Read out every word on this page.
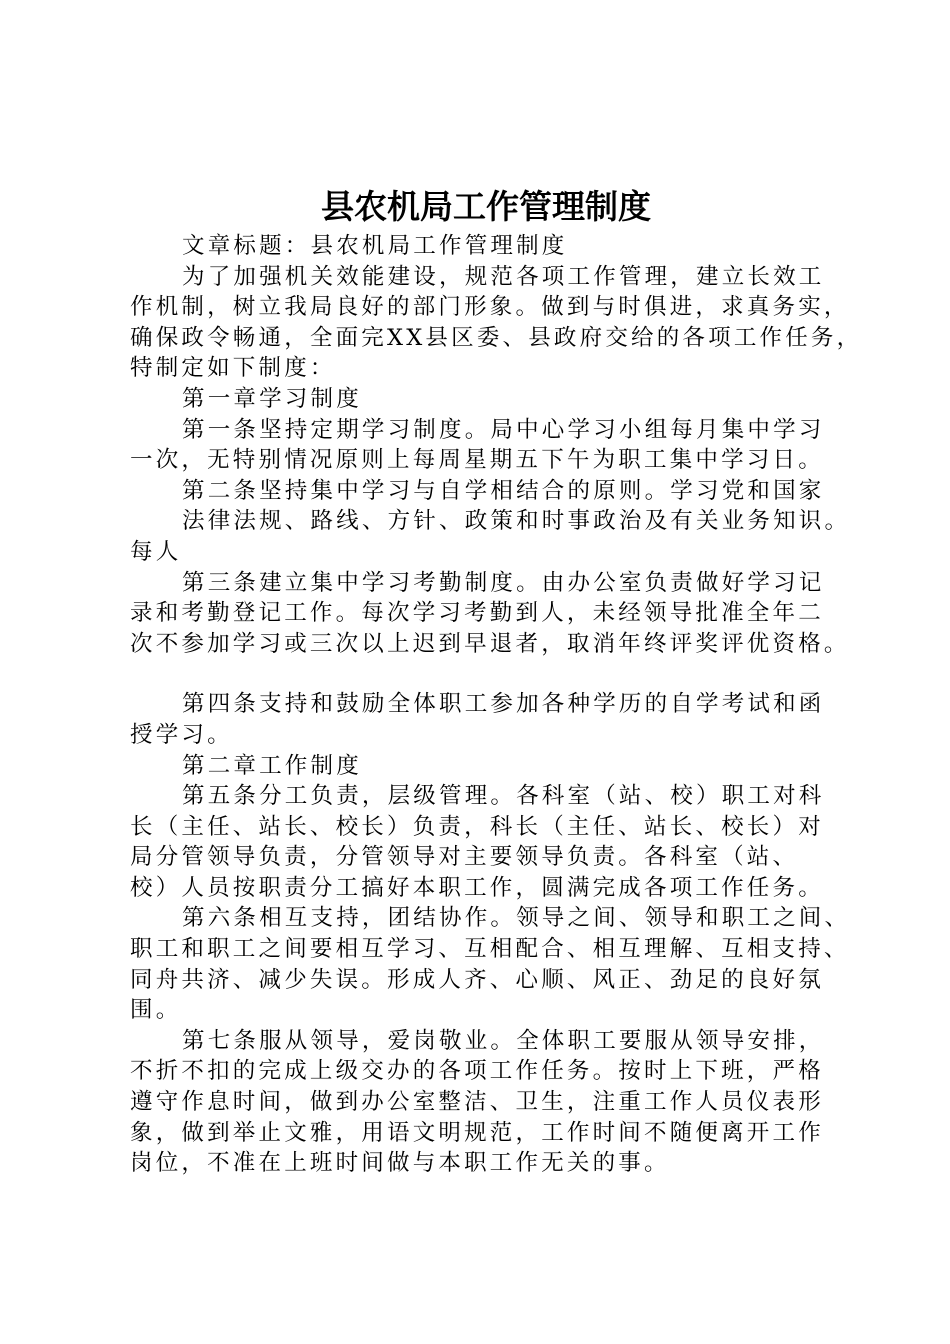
县农机局工作管理制度

文章标题：县农机局工作管理制度

为了加强机关效能建设，规范各项工作管理，建立长效工

作机制，树立我局良好的部门形象。做到与时俱进，求真务实，

确保政令畅通，全面完XX县区委、县政府交给的各项工作任务，

特制定如下制度：

第一章学习制度

第一条坚持定期学习制度。局中心学习小组每月集中学习

一次，无特别情况原则上每周星期五下午为职工集中学习日。

第二条坚持集中学习与自学相结合的原则。学习党和国家

法律法规、路线、方针、政策和时事政治及有关业务知识。

每人

第三条建立集中学习考勤制度。由办公室负责做好学习记

录和考勤登记工作。每次学习考勤到人，未经领导批准全年二

次不参加学习或三次以上迟到早退者，取消年终评奖评优资格。

第四条支持和鼓励全体职工参加各种学历的自学考试和函

授学习。

第二章工作制度

第五条分工负责，层级管理。各科室（站、校）职工对科

长（主任、站长、校长）负责，科长（主任、站长、校长）对

局分管领导负责，分管领导对主要领导负责。各科室（站、

校）人员按职责分工搞好本职工作，圆满完成各项工作任务。

第六条相互支持，团结协作。领导之间、领导和职工之间、

职工和职工之间要相互学习、互相配合、相互理解、互相支持、

同舟共济、减少失误。形成人齐、心顺、风正、劲足的良好氛

围。

第七条服从领导，爱岗敬业。全体职工要服从领导安排，

不折不扣的完成上级交办的各项工作任务。按时上下班，严格

遵守作息时间，做到办公室整洁、卫生，注重工作人员仪表形

象，做到举止文雅，用语文明规范，工作时间不随便离开工作

岗位，不准在上班时间做与本职工作无关的事。
